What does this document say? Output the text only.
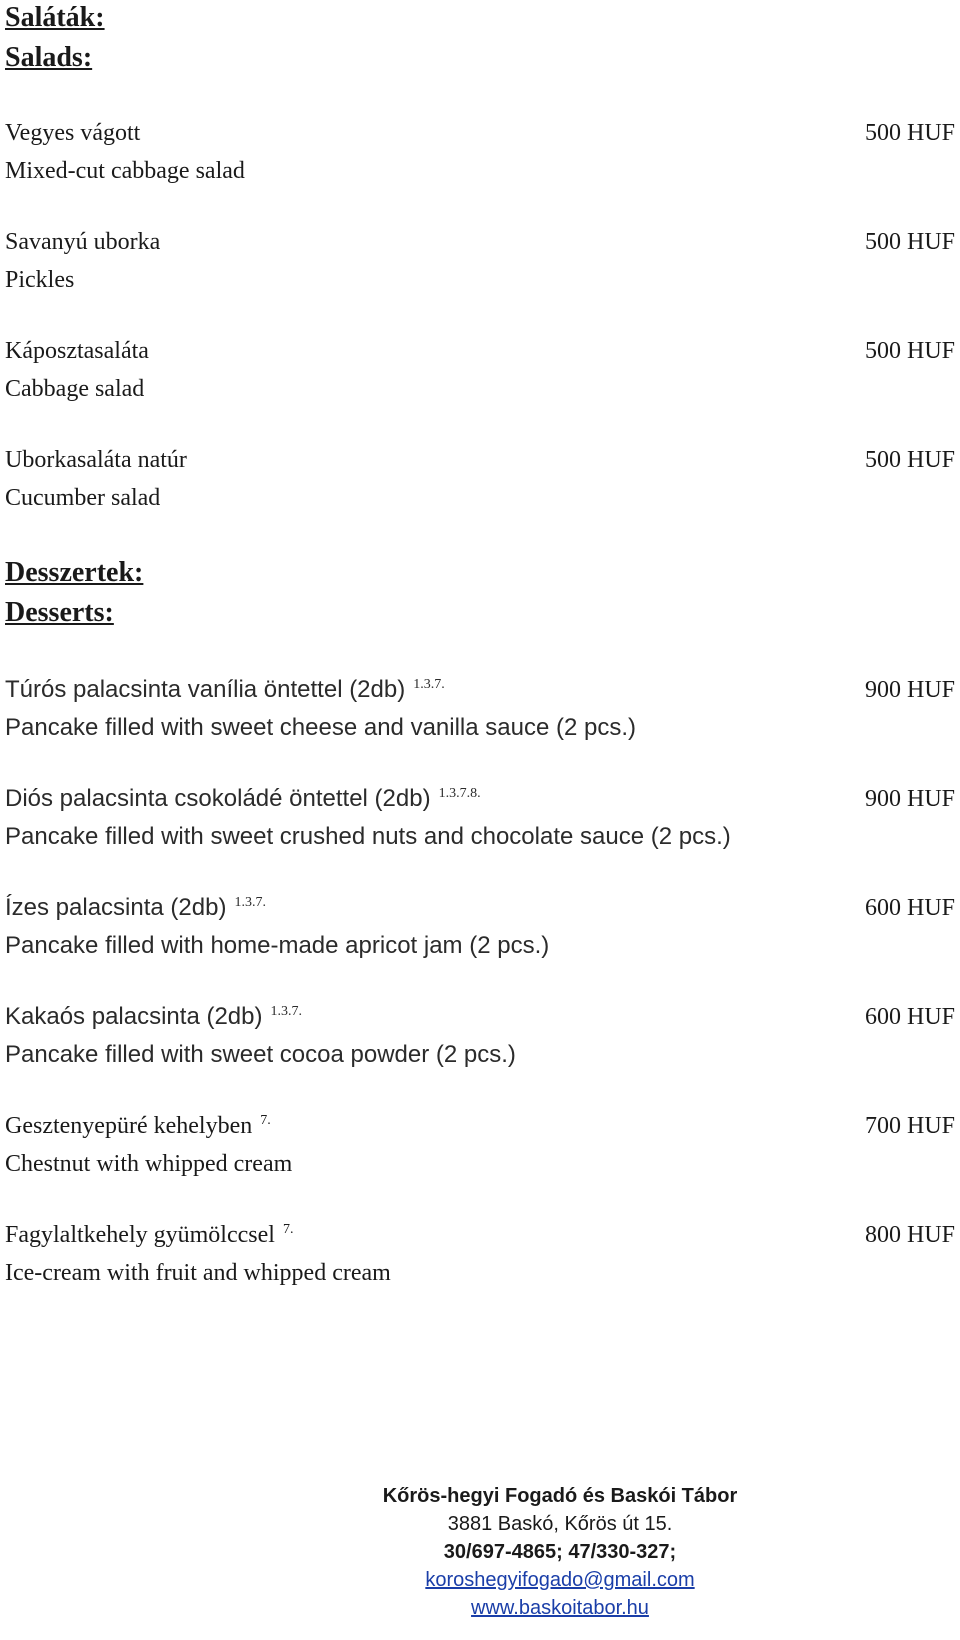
Saláták:
Salads:
Vegyes vágott
Mixed-cut cabbage salad
500 HUF
Savanyú uborka
Pickles
500 HUF
Káposztasaláta
Cabbage salad
500 HUF
Uborkasaláta natúr
Cucumber salad
500 HUF
Desszertek:
Desserts:
Túrós palacsinta vanília öntettel (2db) $^{1.3.7.}$
Pancake filled with sweet cheese and vanilla sauce (2 pcs.)
900 HUF
Diós palacsinta csokoládé öntettel (2db) $^{1.3.7.8.}$
Pancake filled with sweet crushed nuts and chocolate sauce (2 pcs.)
900 HUF
Ízes palacsinta (2db) $^{1.3.7.}$
Pancake filled with home-made apricot jam (2 pcs.)
600 HUF
Kakaós palacsinta (2db) $^{1.3.7.}$
Pancake filled with sweet cocoa powder (2 pcs.)
600 HUF
Gesztenyepüré kehelyben $^{7.}$
Chestnut with whipped cream
700 HUF
Fagylaltkehely gyümölccsel $^{7.}$
Ice-cream with fruit and whipped cream
800 HUF
Kőrös-hegyi Fogadó és Baskói Tábor
3881 Baskó, Kőrös út 15.
30/697-4865; 47/330-327;
koroshegyifogado@gmail.com
www.baskoitabor.hu
